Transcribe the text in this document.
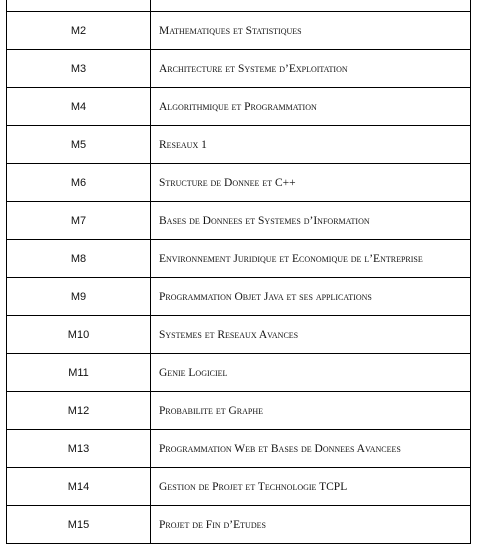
M2	Mathematiques et Statistiques
M3	Architecture et Systeme d’Exploitation
M4	Algorithmique et Programmation
M5	Reseaux 1
M6	Structure de Donnee et C++
M7	Bases de Donnees et Systemes d’Information
M8	Environnement Juridique et Economique de l’Entreprise
M9	Programmation Objet Java et ses applications
M10	Systemes et Reseaux Avances
M11	Genie Logiciel
M12	Probabilite et Graphe
M13	Programmation Web et Bases de Donnees Avancees
M14	Gestion de Projet et Technologie TCPL
M15	Projet de Fin d’Etudes
